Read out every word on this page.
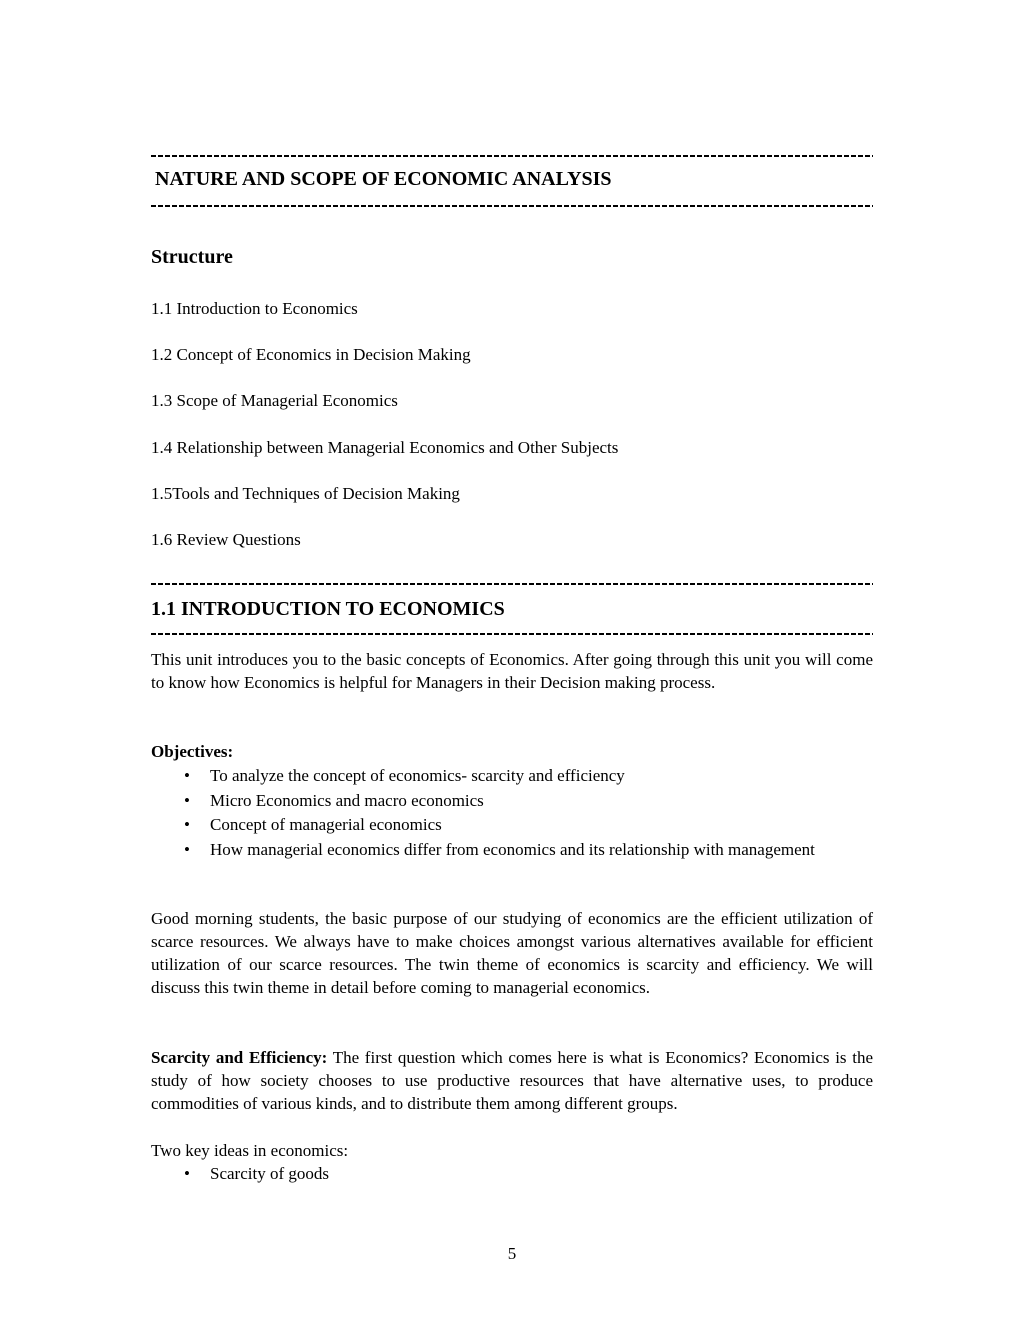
NATURE AND SCOPE OF ECONOMIC ANALYSIS
Structure
1.1 Introduction to Economics
1.2 Concept of Economics in Decision Making
1.3 Scope of Managerial Economics
1.4 Relationship between Managerial Economics and Other Subjects
1.5Tools and Techniques of Decision Making
1.6 Review Questions
1.1 INTRODUCTION TO ECONOMICS

This unit introduces you to the basic concepts of Economics. After going through this unit you will come to know how Economics is helpful for Managers in their Decision making process.

Objectives:

• To analyze the concept of economics- scarcity and efficiency
• Micro Economics and macro economics
• Concept of managerial economics
• How managerial economics differ from economics and its relationship with management

Good morning students, the basic purpose of our studying of economics are the efficient utilization of scarce resources. We always have to make choices amongst various alternatives available for efficient utilization of our scarce resources. The twin theme of economics is scarcity and efficiency. We will discuss this twin theme in detail before coming to managerial economics.

Scarcity and Efficiency: The first question which comes here is what is Economics? Economics is the study of how society chooses to use productive resources that have alternative uses, to produce commodities of various kinds, and to distribute them among different groups.

Two key ideas in economics:

• Scarcity of goods
5
